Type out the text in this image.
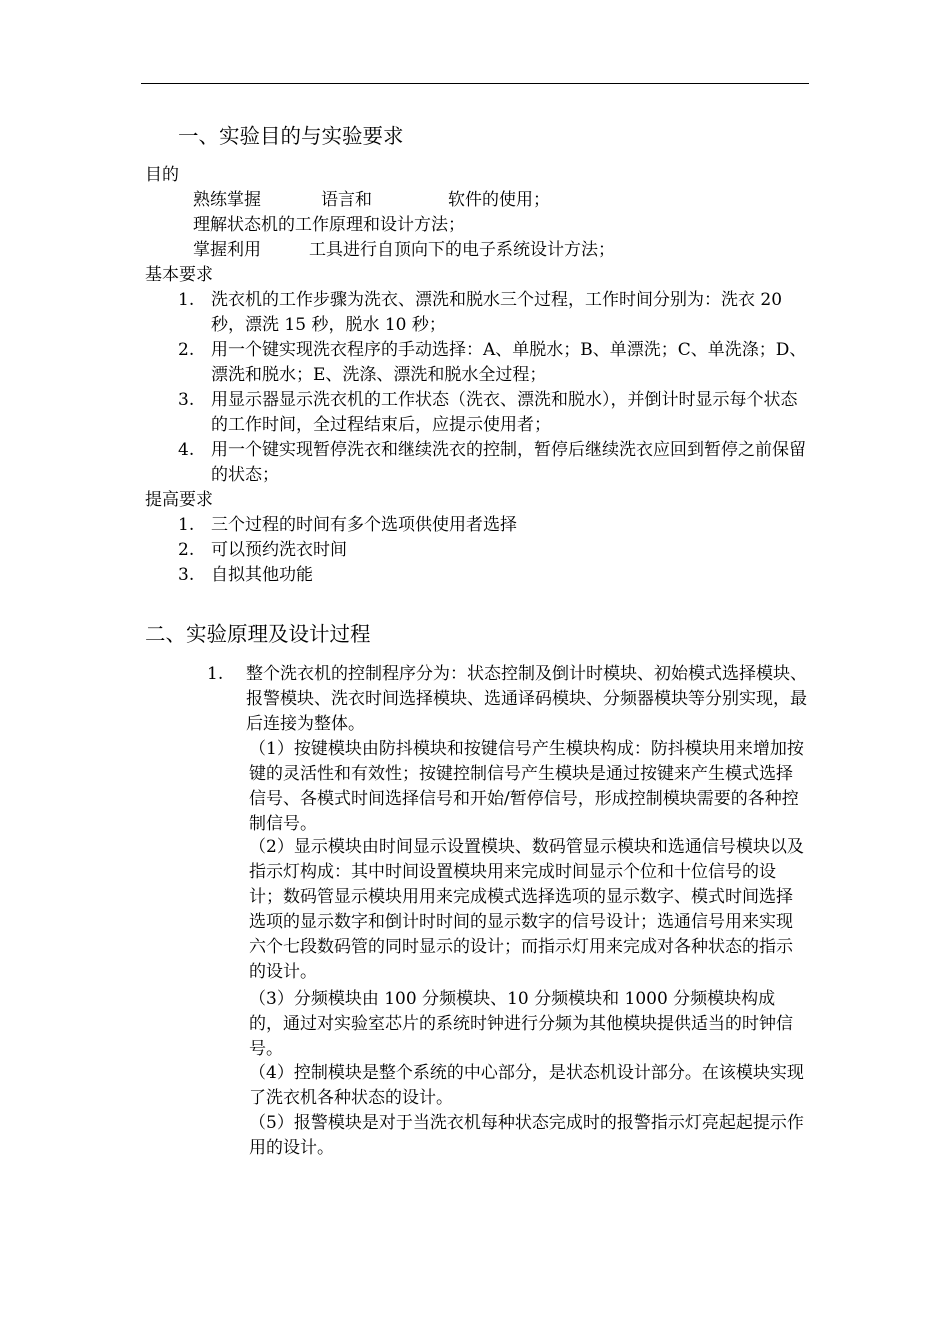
一、实验目的与实验要求
目的
熟练掌握	语言和	软件的使用；
理解状态机的工作原理和设计方法；
掌握利用	工具进行自顶向下的电子系统设计方法；
基本要求
1. 洗衣机的工作步骤为洗衣、漂洗和脱水三个过程，工作时间分别为：洗衣 20 秒，漂洗 15 秒，脱水 10 秒；
2. 用一个键实现洗衣程序的手动选择：A、单脱水；B、单漂洗；C、单洗涤；D、漂洗和脱水；E、洗涤、漂洗和脱水全过程；
3. 用显示器显示洗衣机的工作状态（洗衣、漂洗和脱水），并倒计时显示每个状态的工作时间，全过程结束后，应提示使用者；
4. 用一个键实现暂停洗衣和继续洗衣的控制，暂停后继续洗衣应回到暂停之前保留的状态；
提高要求
1. 三个过程的时间有多个选项供使用者选择
2. 可以预约洗衣时间
3. 自拟其他功能
二、实验原理及设计过程
1. 整个洗衣机的控制程序分为：状态控制及倒计时模块、初始模式选择模块、报警模块、洗衣时间选择模块、选通译码模块、分频器模块等分别实现，最后连接为整体。
（1）按键模块由防抖模块和按键信号产生模块构成：防抖模块用来增加按键的灵活性和有效性；按键控制信号产生模块是通过按键来产生模式选择信号、各模式时间选择信号和开始/暂停信号，形成控制模块需要的各种控制信号。
（2）显示模块由时间显示设置模块、数码管显示模块和选通信号模块以及指示灯构成：其中时间设置模块用来完成时间显示个位和十位信号的设计；数码管显示模块用用来完成模式选择选项的显示数字、模式时间选择选项的显示数字和倒计时时间的显示数字的信号设计；选通信号用来实现六个七段数码管的同时显示的设计；而指示灯用来完成对各种状态的指示的设计。
（3）分频模块由 100 分频模块、10 分频模块和 1000 分频模块构成的，通过对实验室芯片的系统时钟进行分频为其他模块提供适当的时钟信号。
（4）控制模块是整个系统的中心部分，是状态机设计部分。在该模块实现了洗衣机各种状态的设计。
（5）报警模块是对于当洗衣机每种状态完成时的报警指示灯亮起起提示作用的设计。
